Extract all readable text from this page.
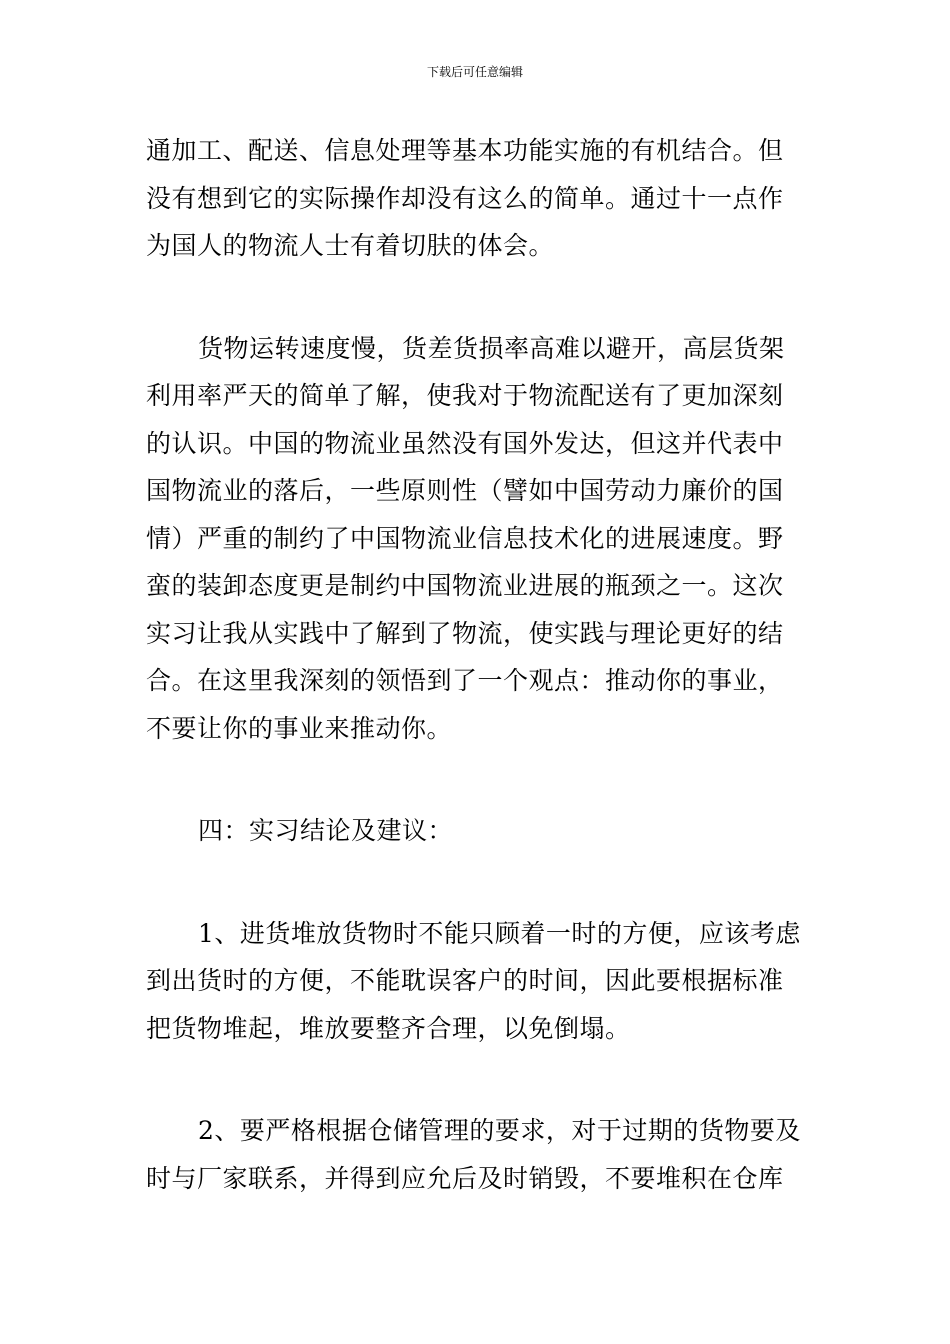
下载后可任意编辑
通加工、配送、信息处理等基本功能实施的有机结合。但
没有想到它的实际操作却没有这么的简单。通过十一点作
为国人的物流人士有着切肤的体会。
货物运转速度慢，货差货损率高难以避开，高层货架
利用率严天的简单了解，使我对于物流配送有了更加深刻
的认识。中国的物流业虽然没有国外发达，但这并代表中
国物流业的落后，一些原则性（譬如中国劳动力廉价的国
情）严重的制约了中国物流业信息技术化的进展速度。野
蛮的装卸态度更是制约中国物流业进展的瓶颈之一。这次
实习让我从实践中了解到了物流，使实践与理论更好的结
合。在这里我深刻的领悟到了一个观点：推动你的事业，
不要让你的事业来推动你。
四：实习结论及建议：
1、进货堆放货物时不能只顾着一时的方便，应该考虑
到出货时的方便，不能耽误客户的时间，因此要根据标准
把货物堆起，堆放要整齐合理，以免倒塌。
2、要严格根据仓储管理的要求，对于过期的货物要及
时与厂家联系，并得到应允后及时销毁，不要堆积在仓库
